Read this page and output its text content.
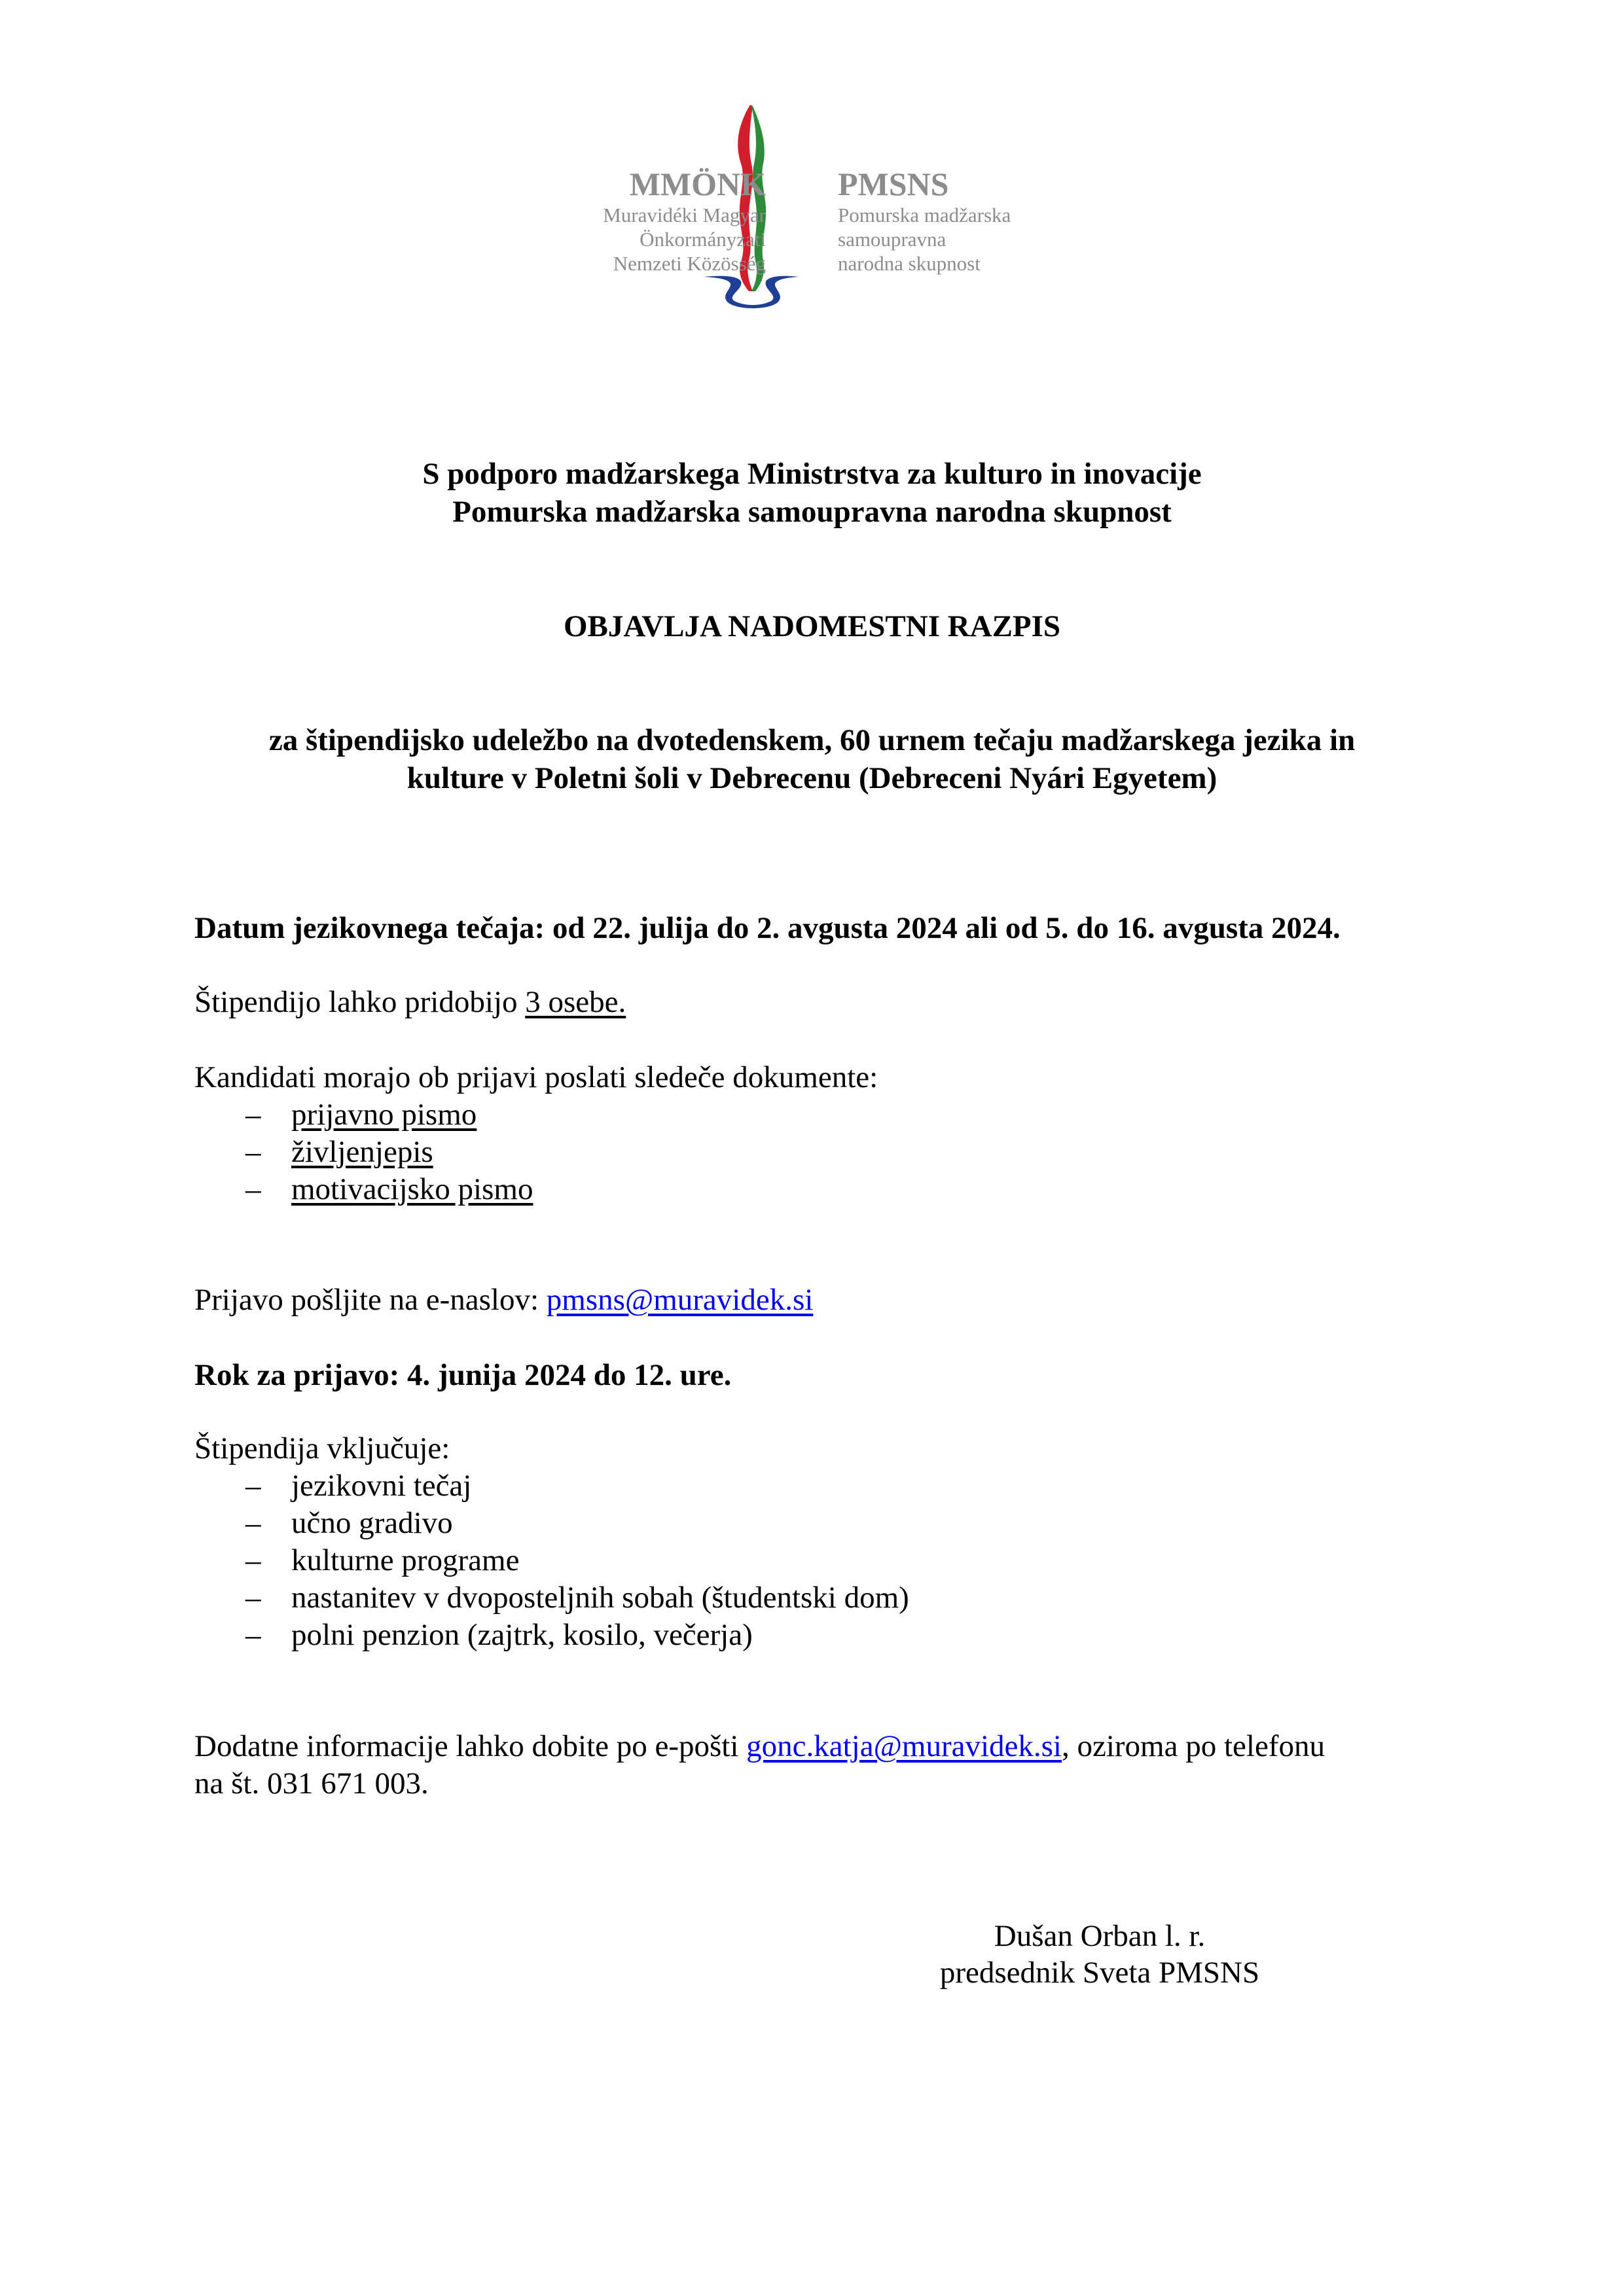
MMÖNK
Muravidéki Magyar
Önkormányzati
Nemzeti Közösség
PMSNS
Pomurska madžarska
samoupravna
narodna skupnost
S podporo madžarskega Ministrstva za kulturo in inovacije
Pomurska madžarska samoupravna narodna skupnost
OBJAVLJA NADOMESTNI RAZPIS
za štipendijsko udeležbo na dvotedenskem, 60 urnem tečaju madžarskega jezika in
kulture v Poletni šoli v Debrecenu (Debreceni Nyári Egyetem)
Datum jezikovnega tečaja: od 22. julija do 2. avgusta 2024 ali od 5. do 16. avgusta 2024.
Štipendijo lahko pridobijo 3 osebe.
Kandidati morajo ob prijavi poslati sledeče dokumente:
– prijavno pismo
– življenjepis
– motivacijsko pismo
Prijavo pošljite na e-naslov: pmsns@muravidek.si
Rok za prijavo: 4. junija 2024 do 12. ure.
Štipendija vključuje:
– jezikovni tečaj
– učno gradivo
– kulturne programe
– nastanitev v dvoposteljnih sobah (študentski dom)
– polni penzion (zajtrk, kosilo, večerja)
Dodatne informacije lahko dobite po e-pošti gonc.katja@muravidek.si, oziroma po telefonu
na št. 031 671 003.
Dušan Orban l. r.
predsednik Sveta PMSNS
